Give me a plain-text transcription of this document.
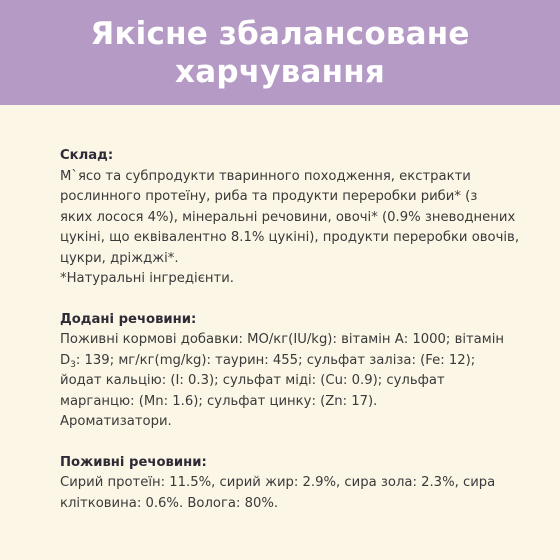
Якісне збалансоване
харчування
Склад:
М`ясо та субпродукти тваринного походження, екстракти
рослинного протеїну, риба та продукти переробки риби* (з
яких лосося 4%), мінеральні речовини, овочі* (0.9% зневоднених
цукіні, що еквівалентно 8.1% цукіні), продукти переробки овочів,
цукри, дріжджі*.
*Натуральні інгредієнти.
Додані речовини:
Поживні кормові добавки: МО/кг(IU/kg): вітамін А: 1000; вітамін
$D_3$: 139; мг/кг(mg/kg): таурин: 455; сульфат заліза: (Fe: 12);
йодат кальцію: (I: 0.3); сульфат міді: (Cu: 0.9); сульфат
марганцю: (Mn: 1.6); сульфат цинку: (Zn: 17).
Ароматизатори.
Поживні речовини:
Сирий протеїн: 11.5%, сирий жир: 2.9%, сира зола: 2.3%, сира
клітковина: 0.6%. Волога: 80%.
